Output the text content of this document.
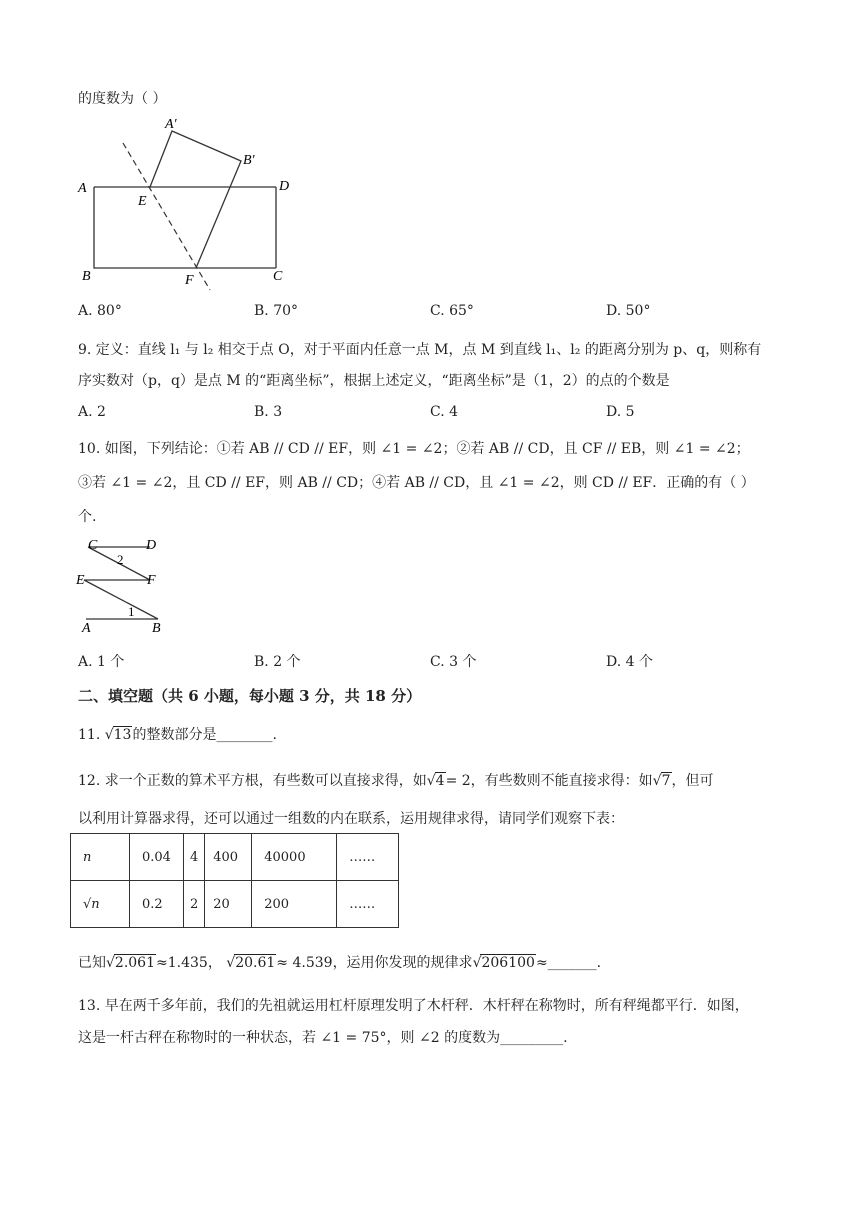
的度数为（ ）
A′
B′
A	D
E
B	F	C
A. 80°	B. 70°	C. 65°	D. 50°
9. 定义：直线 l₁ 与 l₂ 相交于点 O，对于平面内任意一点 M，点 M 到直线 l₁、l₂ 的距离分别为 p、q，则称有
序实数对（p，q）是点 M 的“距离坐标”，根据上述定义，“距离坐标”是（1，2）的点的个数是
A. 2	B. 3	C. 4	D. 5
10. 如图，下列结论：①若 AB // CD // EF，则 ∠1 = ∠2；②若 AB // CD，且 CF // EB，则 ∠1 = ∠2；
③若 ∠1 = ∠2，且 CD // EF，则 AB // CD；④若 AB // CD，且 ∠1 = ∠2，则 CD // EF．正确的有（ ）
个.
C	D
2
E	F
1
A	B
A. 1 个	B. 2 个	C. 3 个	D. 4 个
二、填空题（共 6 小题，每小题 3 分，共 18 分）
11. √13的整数部分是________.
12. 求一个正数的算术平方根，有些数可以直接求得，如√4= 2，有些数则不能直接求得：如√7，但可
以利用计算器求得，还可以通过一组数的内在联系，运用规律求得，请同学们观察下表：
n	0.04	4	400	40000	……
√n	0.2	2	20	200	……
已知√2.061≈1.435， √20.61≈ 4.539，运用你发现的规律求√206100≈_______.
13. 早在两千多年前，我们的先祖就运用杠杆原理发明了木杆秤．木杆秤在称物时，所有秤绳都平行．如图，
这是一杆古秤在称物时的一种状态，若 ∠1 = 75°，则 ∠2 的度数为_________.
